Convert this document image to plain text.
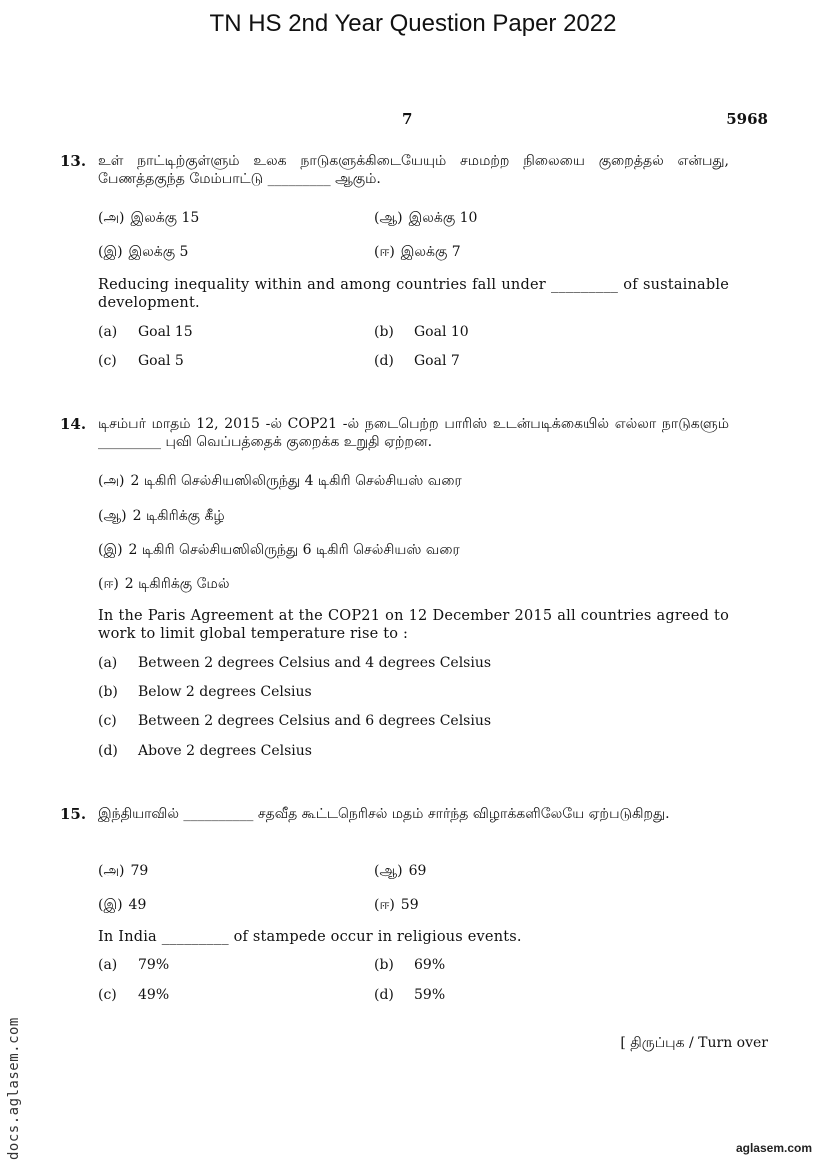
TN HS 2nd Year Question Paper 2022
7	5968
13. உள் நாட்டிற்குள்ளும் உலக நாடுகளுக்கிடையேயும் சமமற்ற நிலையை குறைத்தல் என்பது, பேணத்தகுந்த மேம்பாட்டு _________ ஆகும்.
(அ) இலக்கு 15	(ஆ) இலக்கு 10
(இ) இலக்கு 5	(ஈ) இலக்கு 7
Reducing inequality within and among countries fall under _________ of sustainable development.
(a) Goal 15	(b) Goal 10
(c) Goal 5	(d) Goal 7
14. டிசம்பர் மாதம் 12, 2015 -ல் COP21 -ல் நடைபெற்ற பாரிஸ் உடன்படிக்கையில் எல்லா நாடுகளும் _________ புவி வெப்பத்தைக் குறைக்க உறுதி ஏற்றன.
(அ) 2 டிகிரி செல்சியஸிலிருந்து 4 டிகிரி செல்சியஸ் வரை
(ஆ) 2 டிகிரிக்கு கீழ்
(இ) 2 டிகிரி செல்சியஸிலிருந்து 6 டிகிரி செல்சியஸ் வரை
(ஈ) 2 டிகிரிக்கு மேல்
In the Paris Agreement at the COP21 on 12 December 2015 all countries agreed to work to limit global temperature rise to :
(a) Between 2 degrees Celsius and 4 degrees Celsius
(b) Below 2 degrees Celsius
(c) Between 2 degrees Celsius and 6 degrees Celsius
(d) Above 2 degrees Celsius
15. இந்தியாவில் __________ சதவீத கூட்டநெரிசல் மதம் சார்ந்த விழாக்களிலேயே ஏற்படுகிறது.
(அ) 79	(ஆ) 69
(இ) 49	(ஈ) 59
In India _________ of stampede occur in religious events.
(a) 79%	(b) 69%
(c) 49%	(d) 59%
[ திருப்புக / Turn over
docs.aglasem.com	aglasem.com
